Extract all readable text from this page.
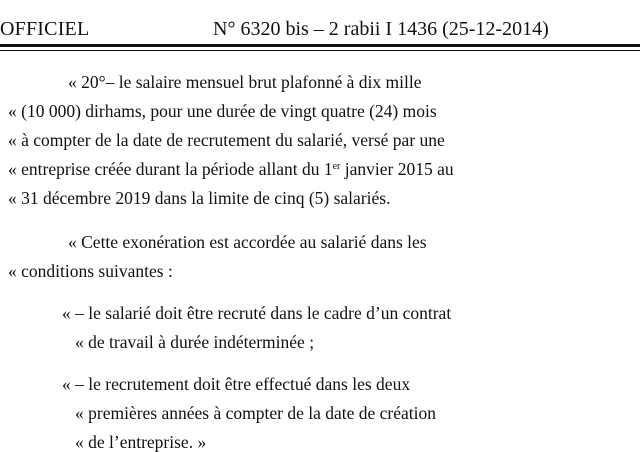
OFFICIEL	N° 6320 bis – 2 rabii I 1436 (25-12-2014)
« 20°– le salaire mensuel brut plafonné à dix mille
« (10 000) dirhams, pour une durée de vingt quatre (24) mois
« à compter de la date de recrutement du salarié, versé par une
« entreprise créée durant la période allant du 1er janvier 2015 au
« 31 décembre 2019 dans la limite de cinq (5) salariés.
« Cette exonération est accordée au salarié dans les
« conditions suivantes :
« – le salarié doit être recruté dans le cadre d’un contrat
« de travail à durée indéterminée ;
« – le recrutement doit être effectué dans les deux
« premières années à compter de la date de création
« de l’entreprise. »
